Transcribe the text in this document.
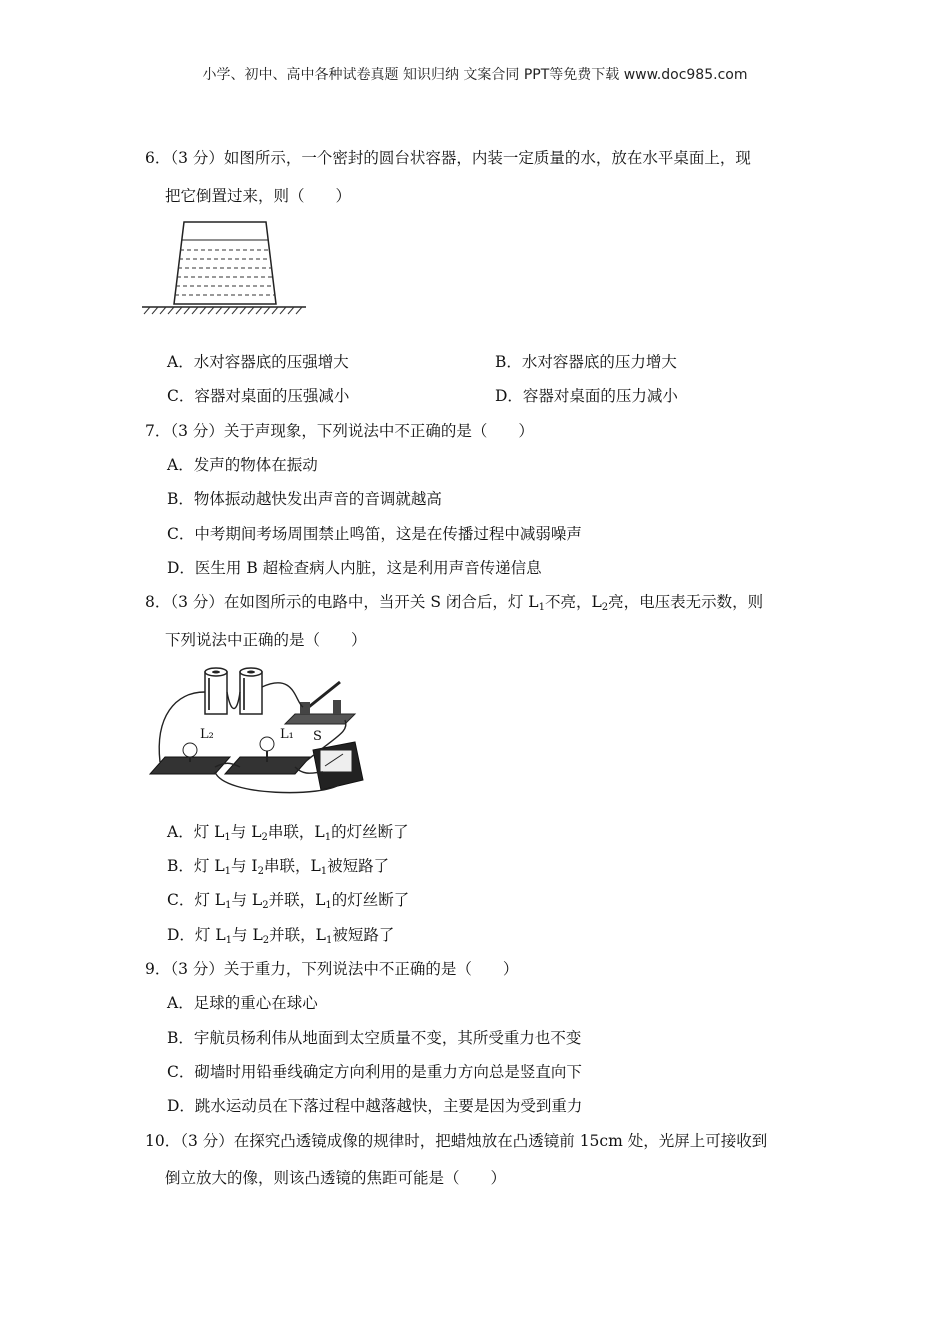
小学、初中、高中各种试卷真题 知识归纳 文案合同 PPT等免费下载 www.doc985.com
6．（3 分）如图所示，一个密封的圆台状容器，内装一定质量的水，放在水平桌面上，现
把它倒置过来，则（　　）
A．水对容器底的压强增大	B．水对容器底的压力增大
C．容器对桌面的压强减小	D．容器对桌面的压力减小
7．（3 分）关于声现象，下列说法中不正确的是（　　）
A．发声的物体在振动
B．物体振动越快发出声音的音调就越高
C．中考期间考场周围禁止鸣笛，这是在传播过程中减弱噪声
D．医生用 B 超检查病人内脏，这是利用声音传递信息
8．（3 分）在如图所示的电路中，当开关 S 闭合后，灯 $L_1$不亮，$L_2$亮，电压表无示数，则
下列说法中正确的是（　　）
L₂	L₁ S
A．灯 $L_1$与 $L_2$串联，$L_1$的灯丝断了
B．灯 $L_1$与 $I_2$串联，$L_1$被短路了
C．灯 $L_1$与 $L_2$并联，$L_1$的灯丝断了
D．灯 $L_1$与 $L_2$并联，$L_1$被短路了
9．（3 分）关于重力，下列说法中不正确的是（　　）
A．足球的重心在球心
B．宇航员杨利伟从地面到太空质量不变，其所受重力也不变
C．砌墙时用铅垂线确定方向利用的是重力方向总是竖直向下
D．跳水运动员在下落过程中越落越快，主要是因为受到重力
10．（3 分）在探究凸透镜成像的规律时，把蜡烛放在凸透镜前 15cm 处，光屏上可接收到
倒立放大的像，则该凸透镜的焦距可能是（　　）
